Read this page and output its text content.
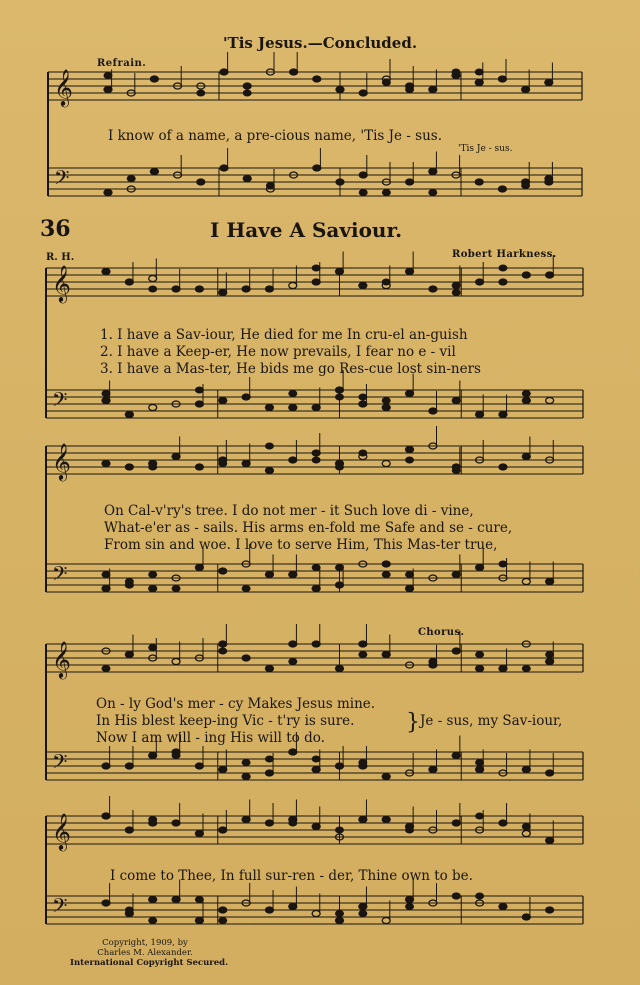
𝄞
𝄢
𝄞
𝄢
𝄞
𝄢
𝄞
𝄢
𝄞
𝄢
'Tis Jesus.—Concluded.
Refrain.
I know of a name, a pre-cious name, 'Tis Je - sus.
'Tis Je - sus.
36	I Have A Saviour.
R. H.	Robert Harkness.
1. I have a Sav-iour, He died for me In cru-el an-guish
2. I have a Keep-er, He now prevails, I fear no e - vil
3. I have a Mas-ter, He bids me go Res-cue lost sin-ners
On Cal-v'ry's tree. I do not mer - it Such love di - vine,
What-e'er as - sails. His arms en-fold me Safe and se - cure,
From sin and woe. I love to serve Him, This Mas-ter true,
Chorus.
On - ly God's mer - cy Makes Jesus mine.
In His blest keep-ing Vic - t'ry is sure.
Now I am will - ing His will to do.
} Je - sus, my Sav-iour,
I come to Thee, In full sur-ren - der, Thine own to be.
Copyright, 1909, by
Charles M. Alexander.
International Copyright Secured.
